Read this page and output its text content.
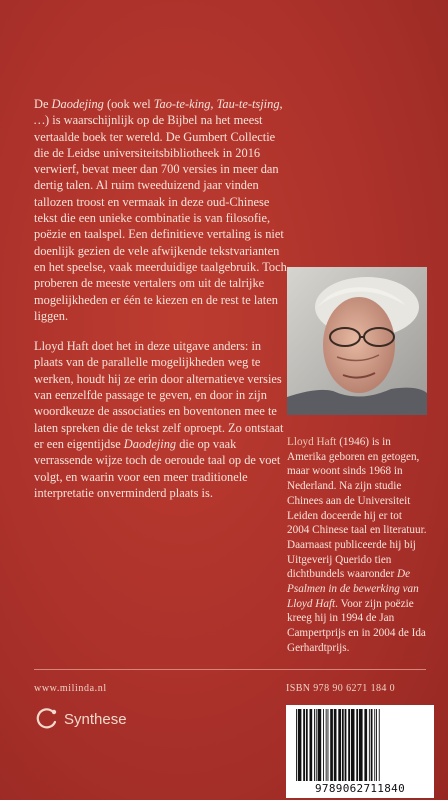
De Daodejing (ook wel Tao-te-king, Tau-te-tsjing, …) is waarschijnlijk op de Bijbel na het meest vertaalde boek ter wereld. De Gumbert Collectie die de Leidse universiteitsbibliotheek in 2016 verwierf, bevat meer dan 700 versies in meer dan dertig talen. Al ruim tweeduizend jaar vinden tallozen troost en vermaak in deze oud-Chinese tekst die een unieke combinatie is van filosofie, poëzie en taalspel. Een definitieve vertaling is niet doenlijk gezien de vele afwijkende tekstvarianten en het speelse, vaak meerduidige taalgebruik. Toch proberen de meeste vertalers om uit de talrijke mogelijkheden er één te kiezen en de rest te laten liggen.

Lloyd Haft doet het in deze uitgave anders: in plaats van de parallelle mogelijkheden weg te werken, houdt hij ze erin door alternatieve versies van eenzelfde passage te geven, en door in zijn woordkeuze de associaties en boventonen mee te laten spreken die de tekst zelf oproept. Zo ontstaat er een eigentijdse Daodejing die op vaak verrassende wijze toch de oeroude taal op de voet volgt, en waarin voor een meer traditionele interpretatie onverminderd plaats is.

Lloyd Haft (1946) is in Amerika geboren en getogen, maar woont sinds 1968 in Nederland. Na zijn studie Chinees aan de Universiteit Leiden doceerde hij er tot 2004 Chinese taal en literatuur. Daarnaast publiceerde hij bij Uitgeverij Querido tien dichtbundels waaronder De Psalmen in de bewerking van Lloyd Haft. Voor zijn poëzie kreeg hij in 1994 de Jan Campertprijs en in 2004 de Ida Gerhardtprijs.
www.milinda.nl	ISBN 978 90 6271 184 0
Synthese
9789062711840
